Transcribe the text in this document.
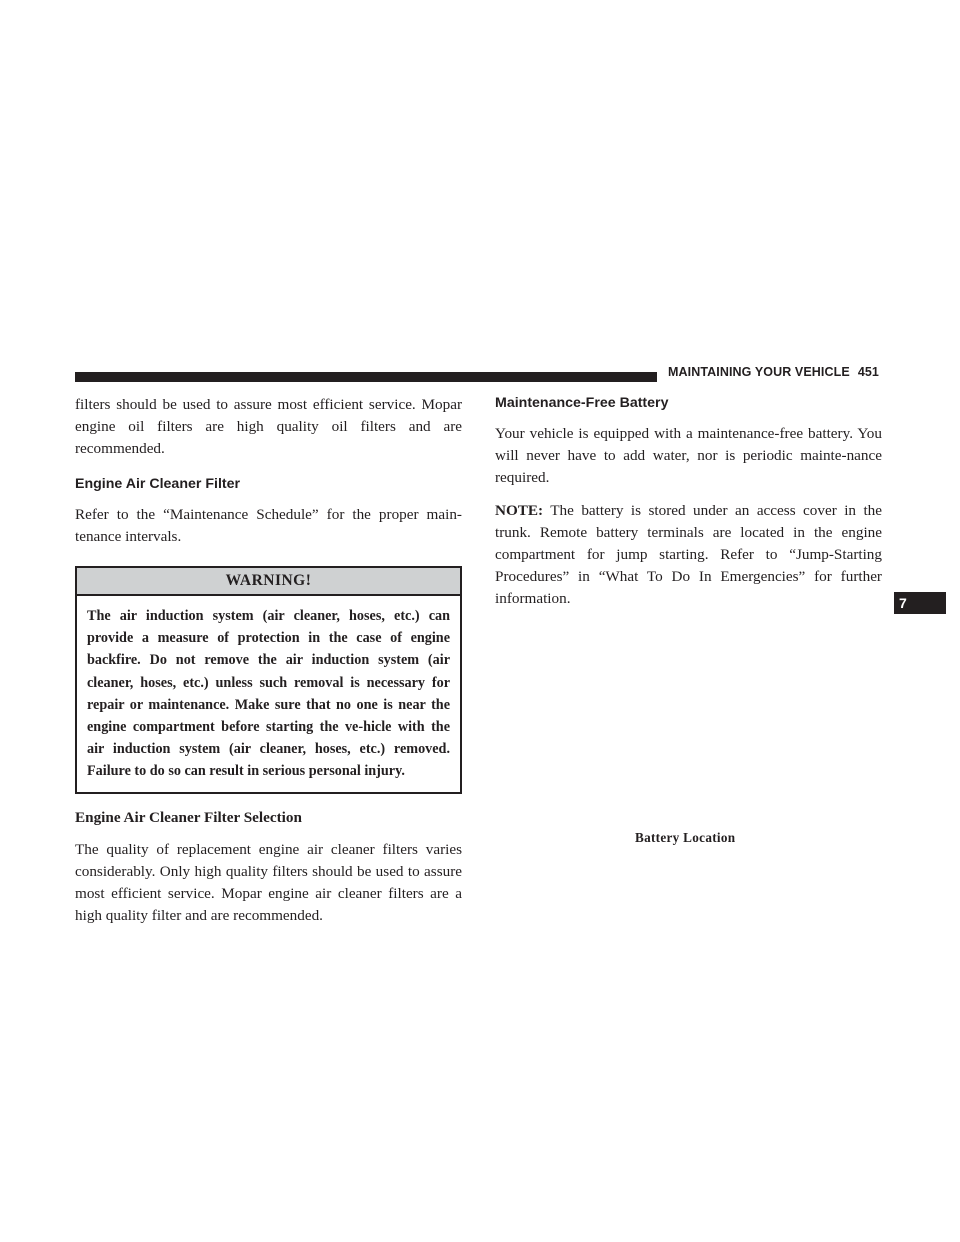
MAINTAINING YOUR VEHICLE 451

filters should be used to assure most efficient service. Mopar engine oil filters are high quality oil filters and are recommended.

Engine Air Cleaner Filter

Refer to the “Maintenance Schedule” for the proper main-tenance intervals.

WARNING!
The air induction system (air cleaner, hoses, etc.) can provide a measure of protection in the case of engine backfire. Do not remove the air induction system (air cleaner, hoses, etc.) unless such removal is necessary for repair or maintenance. Make sure that no one is near the engine compartment before starting the ve-hicle with the air induction system (air cleaner, hoses, etc.) removed. Failure to do so can result in serious personal injury.
Engine Air Cleaner Filter Selection

The quality of replacement engine air cleaner filters varies considerably. Only high quality filters should be used to assure most efficient service. Mopar engine air cleaner filters are a high quality filter and are recommended.

Maintenance-Free Battery

Your vehicle is equipped with a maintenance-free battery. You will never have to add water, nor is periodic mainte-nance required.

NOTE: The battery is stored under an access cover in the trunk. Remote battery terminals are located in the engine compartment for jump starting. Refer to “Jump-Starting Procedures” in “What To Do In Emergencies” for further information.

Battery Location
7
